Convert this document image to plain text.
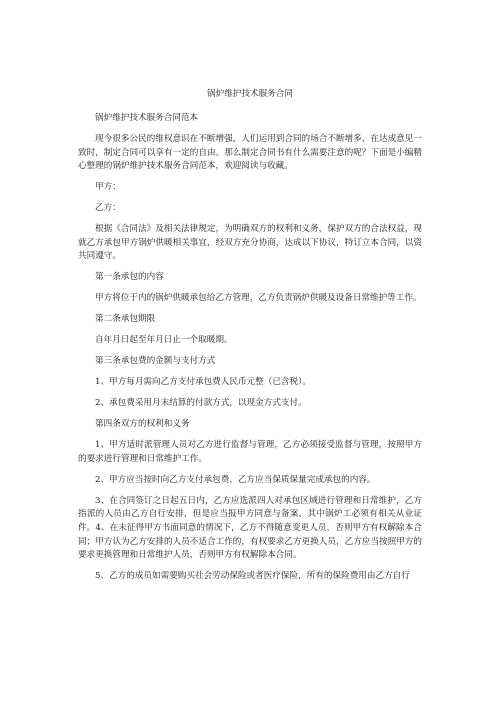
锅炉维护技术服务合同

锅炉维护技术服务合同范本

现今很多公民的维权意识在不断增强，人们运用到合同的场合不断增多，在达成意见一致时，制定合同可以享有一定的自由。那么制定合同书有什么需要注意的呢？下面是小编精心整理的锅炉维护技术服务合同范本，欢迎阅读与收藏。

甲方：

乙方：

根据《合同法》及相关法律规定，为明确双方的权利和义务，保护双方的合法权益，现就乙方承包甲方锅炉供暖相关事宜，经双方充分协商，达成以下协议，特订立本合同，以资共同遵守。

第一条承包的内容

甲方将位于内的锅炉供暖承包给乙方管理，乙方负责锅炉供暖及设备日常维护等工作。

第二条承包期限

自年月日起至年月日止一个取暖期。

第三条承包费的金额与支付方式

1、甲方每月需向乙方支付承包费人民币元整（已含税）。

2、承包费采用月末结算的付款方式，以现金方式支付。

第四条双方的权利和义务

1、甲方适时派管理人员对乙方进行监督与管理，乙方必须接受监督与管理，按照甲方的要求进行管理和日常维护工作。

2、甲方应当按时向乙方支付承包费，乙方应当保质保量完成承包的内容。

3、在合同签订之日起五日内，乙方应选派四人对承包区域进行管理和日常维护，乙方指派的人员由乙方自行安排，但是应当报甲方同意与备案，其中锅炉工必须有相关从业证件。4、在未征得甲方书面同意的情况下，乙方不得随意变更人员，否则甲方有权解除本合同；甲方认为乙方安排的人员不适合工作的，有权要求乙方更换人员，乙方应当按照甲方的要求更换管理和日常维护人员，否则甲方有权解除本合同。

5、乙方的成员如需要购买社会劳动保险或者医疗保险，所有的保险费用由乙方自行
